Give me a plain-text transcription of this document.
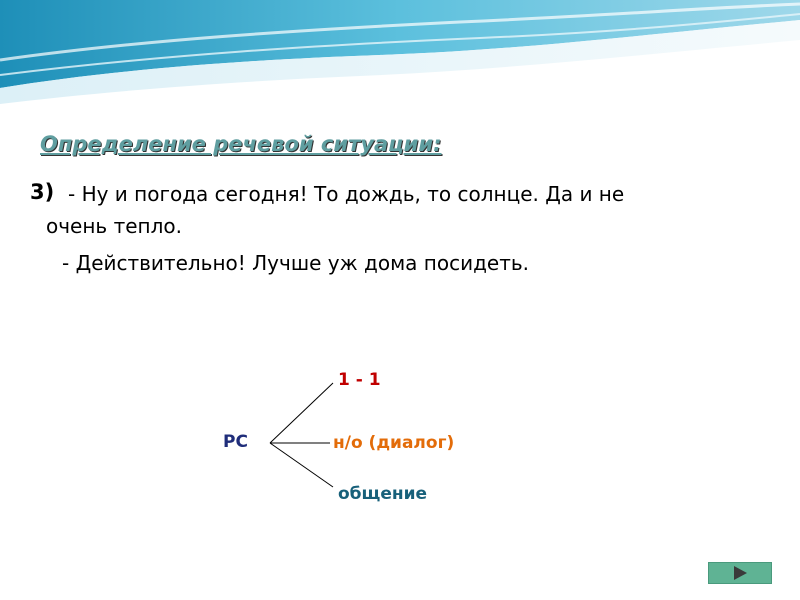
Определение речевой ситуации:
3) - Ну и погода сегодня! То дождь, то солнце. Да и не
очень тепло.
- Действительно! Лучше уж дома посидеть.
РС
1 - 1
н/о (диалог)
общение
